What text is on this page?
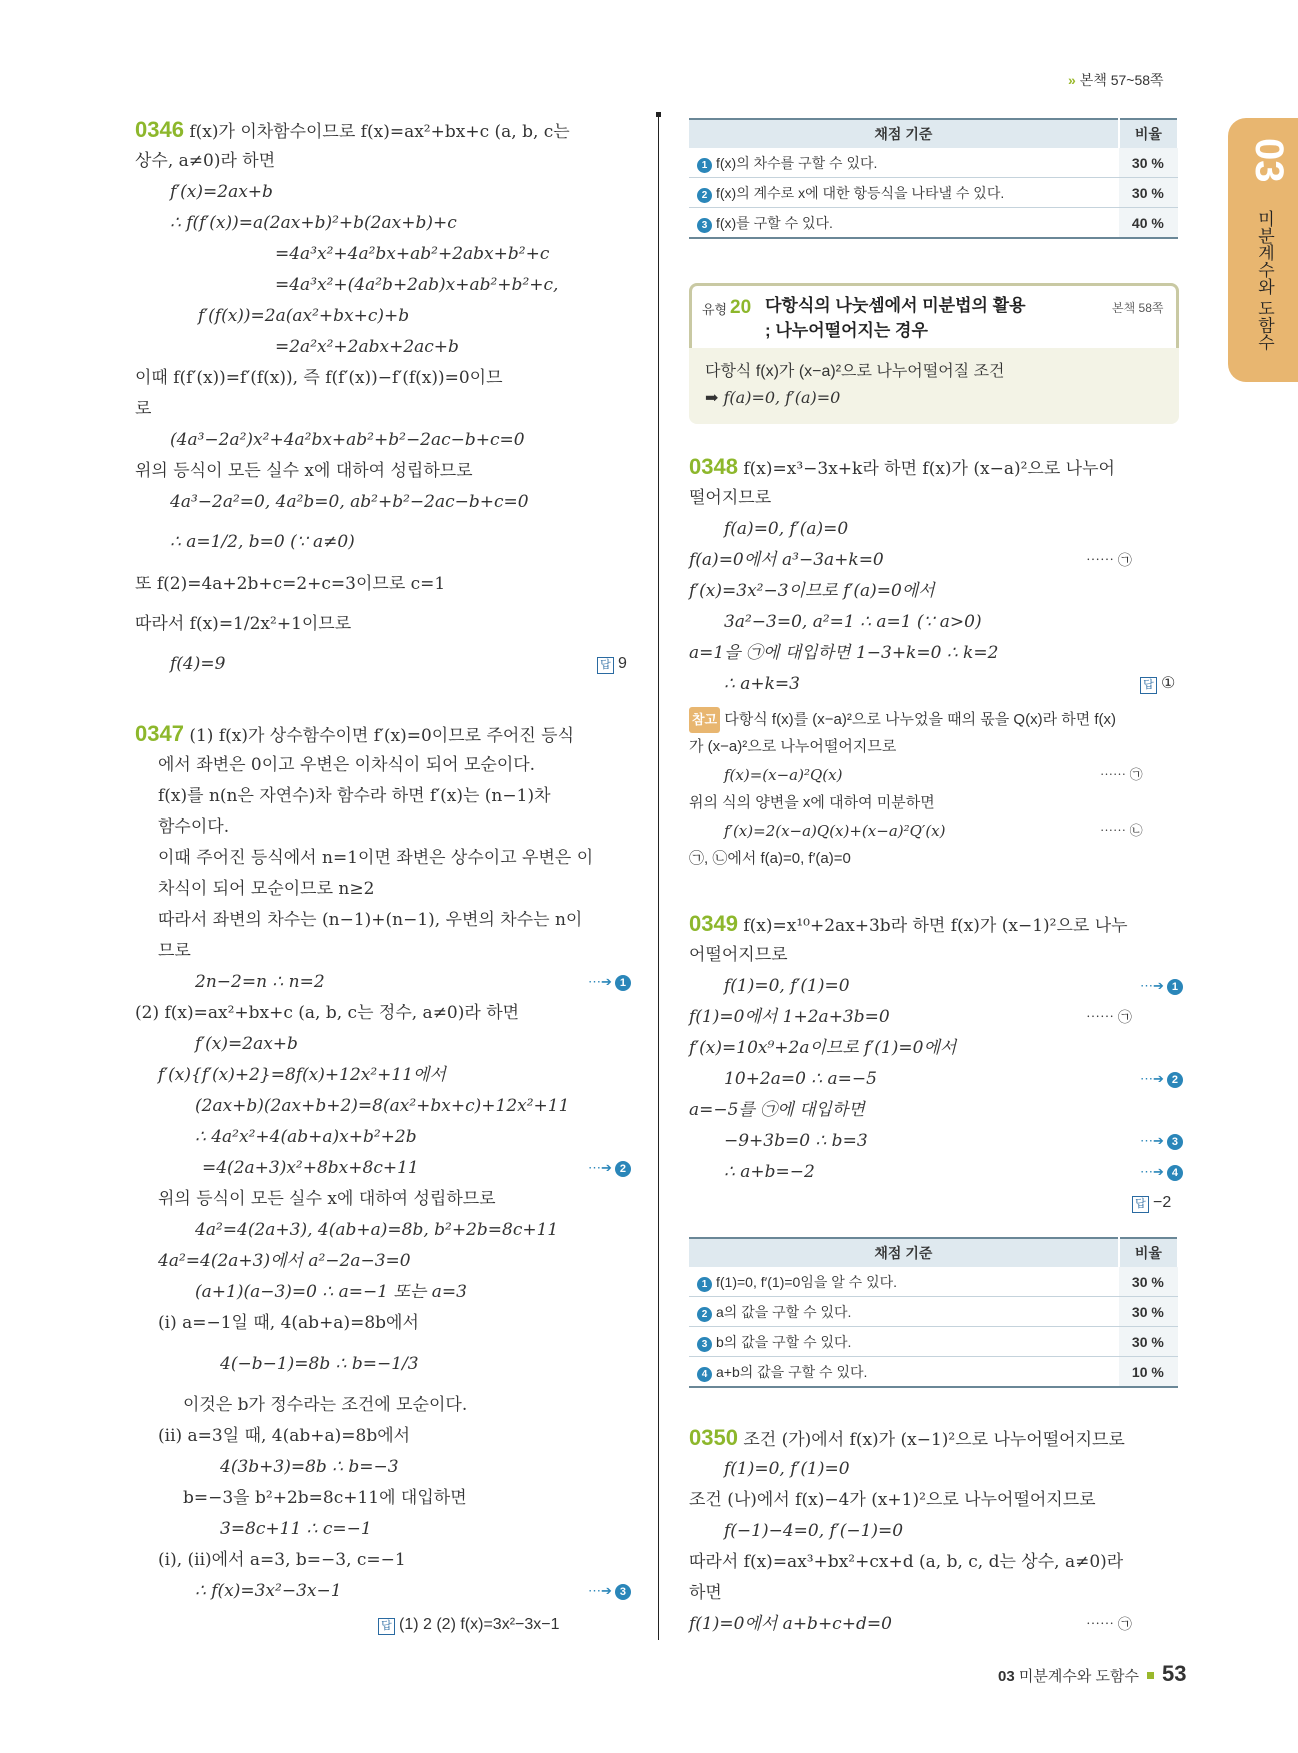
» 본책 57~58쪽
03
미분계수와 도함수
0346 f(x)가 이차함수이므로 f(x)=ax²+bx+c (a, b, c는
상수, a≠0)라 하면
f′(x)=2ax+b
∴ f(f′(x))=a(2ax+b)²+b(2ax+b)+c
=4a³x²+4a²bx+ab²+2abx+b²+c
=4a³x²+(4a²b+2ab)x+ab²+b²+c,
f′(f(x))=2a(ax²+bx+c)+b
=2a²x²+2abx+2ac+b
이때 f(f′(x))=f′(f(x)), 즉 f(f′(x))−f′(f(x))=0이므
로
(4a³−2a²)x²+4a²bx+ab²+b²−2ac−b+c=0
위의 등식이 모든 실수 x에 대하여 성립하므로
4a³−2a²=0, 4a²b=0, ab²+b²−2ac−b+c=0
∴ a=1/2, b=0 (∵ a≠0)
또 f(2)=4a+2b+c=2+c=3이므로 c=1
따라서 f(x)=1/2x²+1이므로
f(4)=9	답 9
0347 (1) f(x)가 상수함수이면 f′(x)=0이므로 주어진 등식
에서 좌변은 0이고 우변은 이차식이 되어 모순이다.
f(x)를 n(n은 자연수)차 함수라 하면 f′(x)는 (n−1)차
함수이다.
이때 주어진 등식에서 n=1이면 좌변은 상수이고 우변은 이
차식이 되어 모순이므로 n≥2
따라서 좌변의 차수는 (n−1)+(n−1), 우변의 차수는 n이
므로
2n−2=n ∴ n=2	⋯➔ 1
(2) f(x)=ax²+bx+c (a, b, c는 정수, a≠0)라 하면
f′(x)=2ax+b
f′(x){f′(x)+2}=8f(x)+12x²+11에서
(2ax+b)(2ax+b+2)=8(ax²+bx+c)+12x²+11
∴ 4a²x²+4(ab+a)x+b²+2b
=4(2a+3)x²+8bx+8c+11	⋯➔ 2
위의 등식이 모든 실수 x에 대하여 성립하므로
4a²=4(2a+3), 4(ab+a)=8b, b²+2b=8c+11
4a²=4(2a+3)에서 a²−2a−3=0
(a+1)(a−3)=0 ∴ a=−1 또는 a=3
(i) a=−1일 때, 4(ab+a)=8b에서
4(−b−1)=8b ∴ b=−1/3
이것은 b가 정수라는 조건에 모순이다.
(ii) a=3일 때, 4(ab+a)=8b에서
4(3b+3)=8b ∴ b=−3
b=−3을 b²+2b=8c+11에 대입하면
3=8c+11 ∴ c=−1
(i), (ii)에서 a=3, b=−3, c=−1
∴ f(x)=3x²−3x−1	⋯➔ 3
답 (1) 2 (2) f(x)=3x²−3x−1
채점 기준	비율
1 f(x)의 차수를 구할 수 있다.	30 %
2 f(x)의 계수로 x에 대한 항등식을 나타낼 수 있다.	30 %
3 f(x)를 구할 수 있다.	40 %
유형 20 다항식의 나눗셈에서 미분법의 활용
; 나누어떨어지는 경우
본책 58쪽
다항식 f(x)가 (x−a)²으로 나누어떨어질 조건
➡ f(a)=0, f′(a)=0
0348 f(x)=x³−3x+k라 하면 f(x)가 (x−a)²으로 나누어
떨어지므로
f(a)=0, f′(a)=0
f(a)=0에서 a³−3a+k=0	⋯⋯ ㉠
f′(x)=3x²−3이므로 f′(a)=0에서
3a²−3=0, a²=1 ∴ a=1 (∵ a>0)
a=1을 ㉠에 대입하면 1−3+k=0 ∴ k=2
∴ a+k=3	답 ①
참고 다항식 f(x)를 (x−a)²으로 나누었을 때의 몫을 Q(x)라 하면 f(x)
가 (x−a)²으로 나누어떨어지므로
f(x)=(x−a)²Q(x)	⋯⋯ ㉠
위의 식의 양변을 x에 대하여 미분하면
f′(x)=2(x−a)Q(x)+(x−a)²Q′(x)	⋯⋯ ㉡
㉠, ㉡에서 f(a)=0, f′(a)=0
0349 f(x)=x¹⁰+2ax+3b라 하면 f(x)가 (x−1)²으로 나누
어떨어지므로
f(1)=0, f′(1)=0	⋯➔ 1
f(1)=0에서 1+2a+3b=0	⋯⋯ ㉠
f′(x)=10x⁹+2a이므로 f′(1)=0에서
10+2a=0 ∴ a=−5	⋯➔ 2
a=−5를 ㉠에 대입하면
−9+3b=0 ∴ b=3	⋯➔ 3
∴ a+b=−2	⋯➔ 4
답 −2
채점 기준	비율
1 f(1)=0, f′(1)=0임을 알 수 있다.	30 %
2 a의 값을 구할 수 있다.	30 %
3 b의 값을 구할 수 있다.	30 %
4 a+b의 값을 구할 수 있다.	10 %
0350 조건 (가)에서 f(x)가 (x−1)²으로 나누어떨어지므로
f(1)=0, f′(1)=0
조건 (나)에서 f(x)−4가 (x+1)²으로 나누어떨어지므로
f(−1)−4=0, f′(−1)=0
따라서 f(x)=ax³+bx²+cx+d (a, b, c, d는 상수, a≠0)라
하면
f(1)=0에서 a+b+c+d=0	⋯⋯ ㉠
03 미분계수와 도함수 53
